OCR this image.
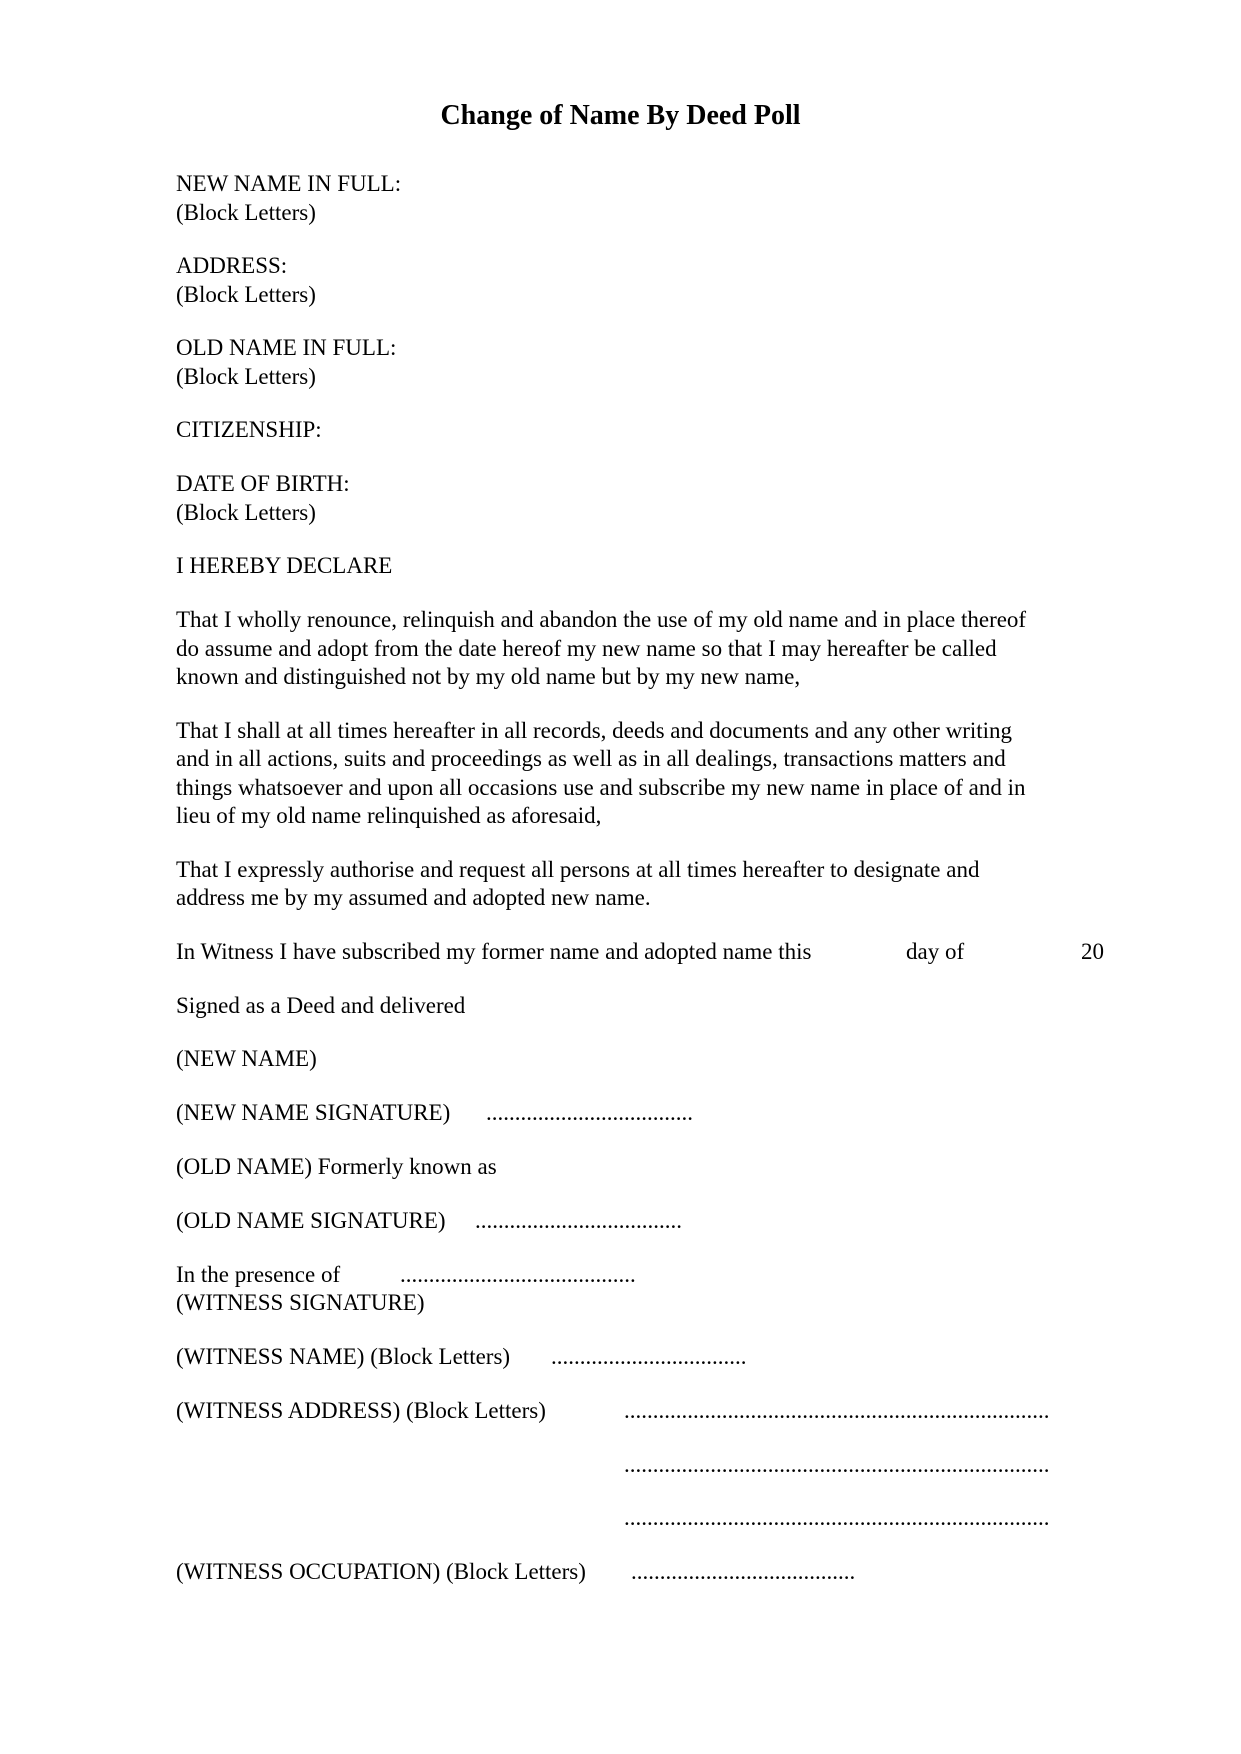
Change of Name By Deed Poll
NEW NAME IN FULL:
(Block Letters)
ADDRESS:
(Block Letters)
OLD NAME IN FULL:
(Block Letters)
CITIZENSHIP:
DATE OF BIRTH:
(Block Letters)
I HEREBY DECLARE
That I wholly renounce, relinquish and abandon the use of my old name and in place thereof
do assume and adopt from the date hereof my new name so that I may hereafter be called
known and distinguished not by my old name but by my new name,
That I shall at all times hereafter in all records, deeds and documents and any other writing
and in all actions, suits and proceedings as well as in all dealings, transactions matters and
things whatsoever and upon all occasions use and subscribe my new name in place of and in
lieu of my old name relinquished as aforesaid,
That I expressly authorise and request all persons at all times hereafter to designate and
address me by my assumed and adopted new name.
In Witness I have subscribed my former name and adopted name this	day of	20
Signed as a Deed and delivered
(NEW NAME)
(NEW NAME SIGNATURE) ....................................
(OLD NAME) Formerly known as
(OLD NAME SIGNATURE) ....................................
In the presence of	.........................................
(WITNESS SIGNATURE)
(WITNESS NAME) (Block Letters) ..................................
(WITNESS ADDRESS) (Block Letters)	..........................................................................
..........................................................................
..........................................................................
(WITNESS OCCUPATION) (Block Letters) .......................................
